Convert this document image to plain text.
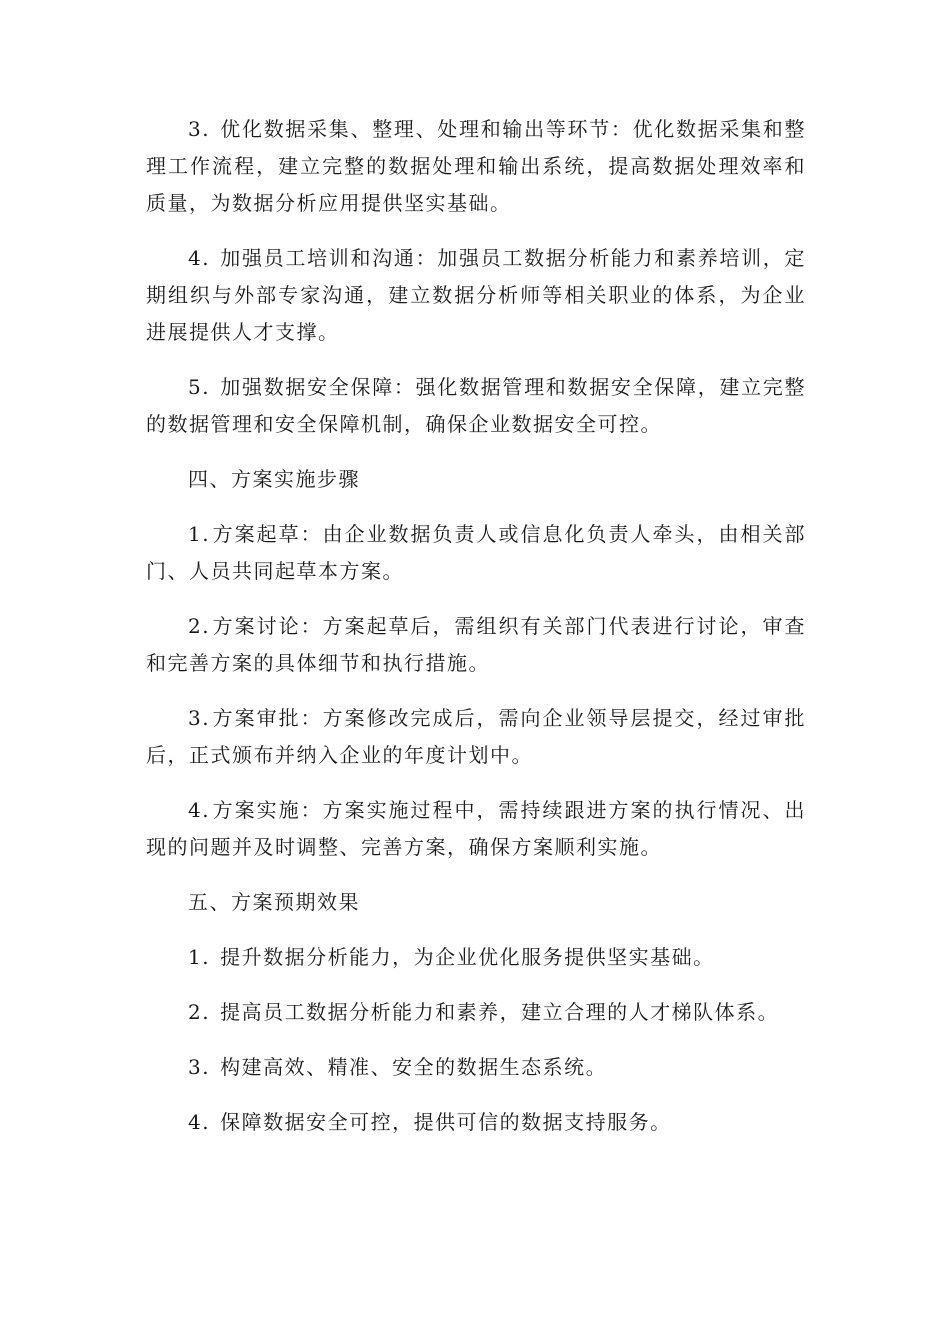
3. 优化数据采集、整理、处理和输出等环节：优化数据采集和整理工作流程，建立完整的数据处理和输出系统，提高数据处理效率和质量，为数据分析应用提供坚实基础。

4. 加强员工培训和沟通：加强员工数据分析能力和素养培训，定期组织与外部专家沟通，建立数据分析师等相关职业的体系，为企业进展提供人才支撑。

5. 加强数据安全保障：强化数据管理和数据安全保障，建立完整的数据管理和安全保障机制，确保企业数据安全可控。

四、方案实施步骤

1. 方案起草：由企业数据负责人或信息化负责人牵头，由相关部门、人员共同起草本方案。

2. 方案讨论：方案起草后，需组织有关部门代表进行讨论，审查和完善方案的具体细节和执行措施。

3. 方案审批：方案修改完成后，需向企业领导层提交，经过审批后，正式颁布并纳入企业的年度计划中。

4. 方案实施：方案实施过程中，需持续跟进方案的执行情况、出现的问题并及时调整、完善方案，确保方案顺利实施。

五、方案预期效果

1. 提升数据分析能力，为企业优化服务提供坚实基础。

2. 提高员工数据分析能力和素养，建立合理的人才梯队体系。

3. 构建高效、精准、安全的数据生态系统。

4. 保障数据安全可控，提供可信的数据支持服务。
